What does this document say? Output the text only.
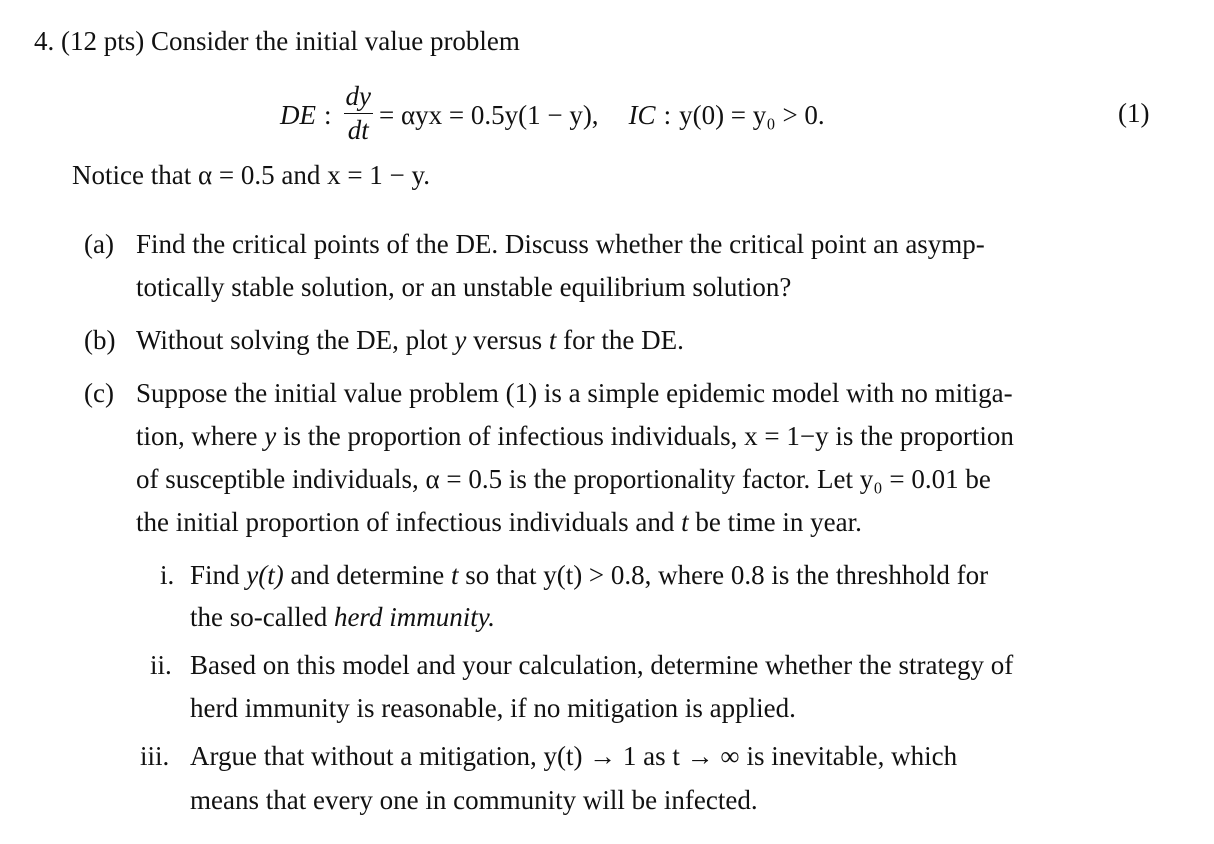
4. (12 pts) Consider the initial value problem
DE : $\frac{dy}{dt} = \alpha yx = 0.5y(1 - y)$, IC : y(0) = y₀ > 0.	(1)
Notice that α = 0.5 and x = 1 − y.
(a) Find the critical points of the DE. Discuss whether the critical point an asymp-
totically stable solution, or an unstable equilibrium solution?
(b) Without solving the DE, plot y versus t for the DE.
(c) Suppose the initial value problem (1) is a simple epidemic model with no mitiga-
tion, where y is the proportion of infectious individuals, x = 1−y is the proportion
of susceptible individuals, α = 0.5 is the proportionality factor. Let y₀ = 0.01 be
the initial proportion of infectious individuals and t be time in year.
i. Find y(t) and determine t so that y(t) > 0.8, where 0.8 is the threshhold for
the so-called herd immunity.
ii. Based on this model and your calculation, determine whether the strategy of
herd immunity is reasonable, if no mitigation is applied.
iii. Argue that without a mitigation, y(t) → 1 as t → ∞ is inevitable, which
means that every one in community will be infected.
